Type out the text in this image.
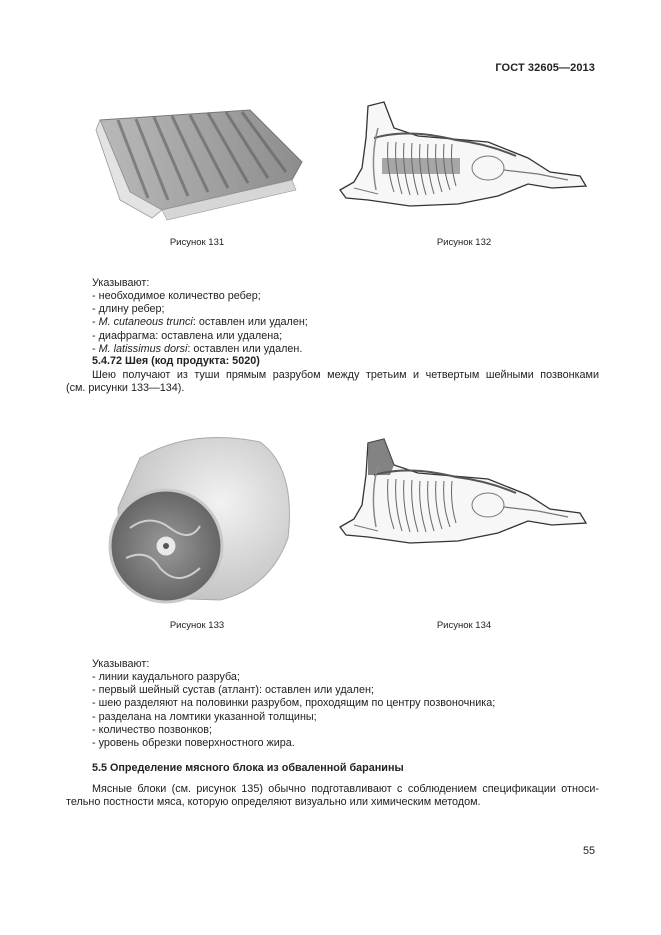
ГОСТ 32605—2013
Рисунок 131	Рисунок 132
Указывают:
- необходимое количество ребер;
- длину ребер;
- M. cutaneous trunci: оставлен или удален;
- диафрагма: оставлена или удалена;
- M. latissimus dorsi: оставлен или удален.
5.4.72 Шея (код продукта: 5020)
Шею получают из туши прямым разрубом между третьим и четвертым шейными позвонками
(см. рисунки 133—134).
Рисунок 133	Рисунок 134
Указывают:
- линии каудального разруба;
- первый шейный сустав (атлант): оставлен или удален;
- шею разделяют на половинки разрубом, проходящим по центру позвоночника;
- разделана на ломтики указанной толщины;
- количество позвонков;
- уровень обрезки поверхностного жира.
5.5 Определение мясного блока из обваленной баранины
Мясные блоки (см. рисунок 135) обычно подготавливают с соблюдением спецификации относи-
тельно постности мяса, которую определяют визуально или химическим методом.
55
